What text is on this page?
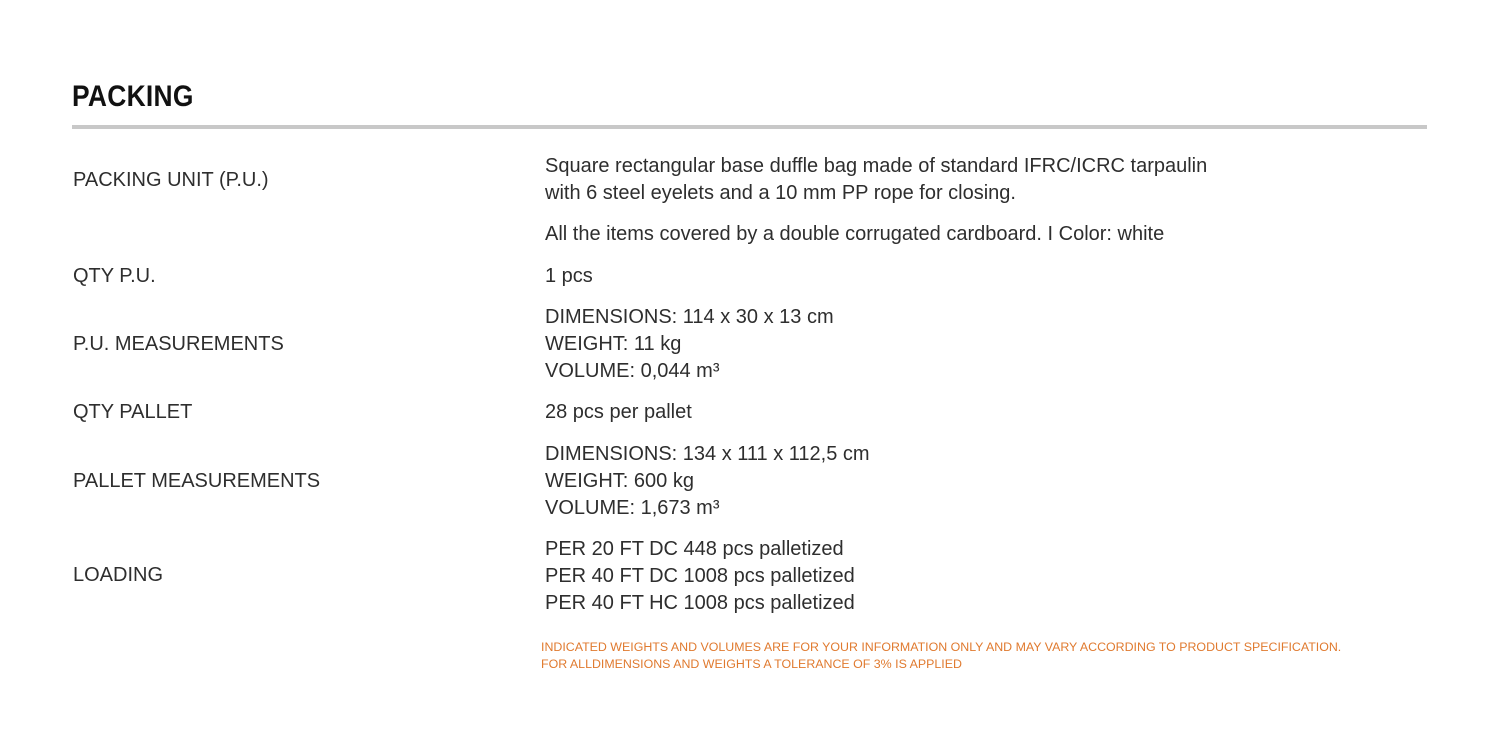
PACKING
PACKING UNIT (P.U.)
Square rectangular base duffle bag made of standard IFRC/ICRC tarpaulin
with 6 steel eyelets and a 10 mm PP rope for closing.
All the items covered by a double corrugated cardboard. I Color: white
QTY P.U.	1 pcs
P.U. MEASUREMENTS
DIMENSIONS: 114 x 30 x 13 cm
WEIGHT: 11 kg
VOLUME: 0,044 m³
QTY PALLET	28 pcs per pallet
PALLET MEASUREMENTS
DIMENSIONS: 134 x 111 x 112,5 cm
WEIGHT: 600 kg
VOLUME: 1,673 m³
LOADING
PER 20 FT DC 448 pcs palletized
PER 40 FT DC 1008 pcs palletized
PER 40 FT HC 1008 pcs palletized
INDICATED WEIGHTS AND VOLUMES ARE FOR YOUR INFORMATION ONLY AND MAY VARY ACCORDING TO PRODUCT SPECIFICATION.
FOR ALLDIMENSIONS AND WEIGHTS A TOLERANCE OF 3% IS APPLIED
